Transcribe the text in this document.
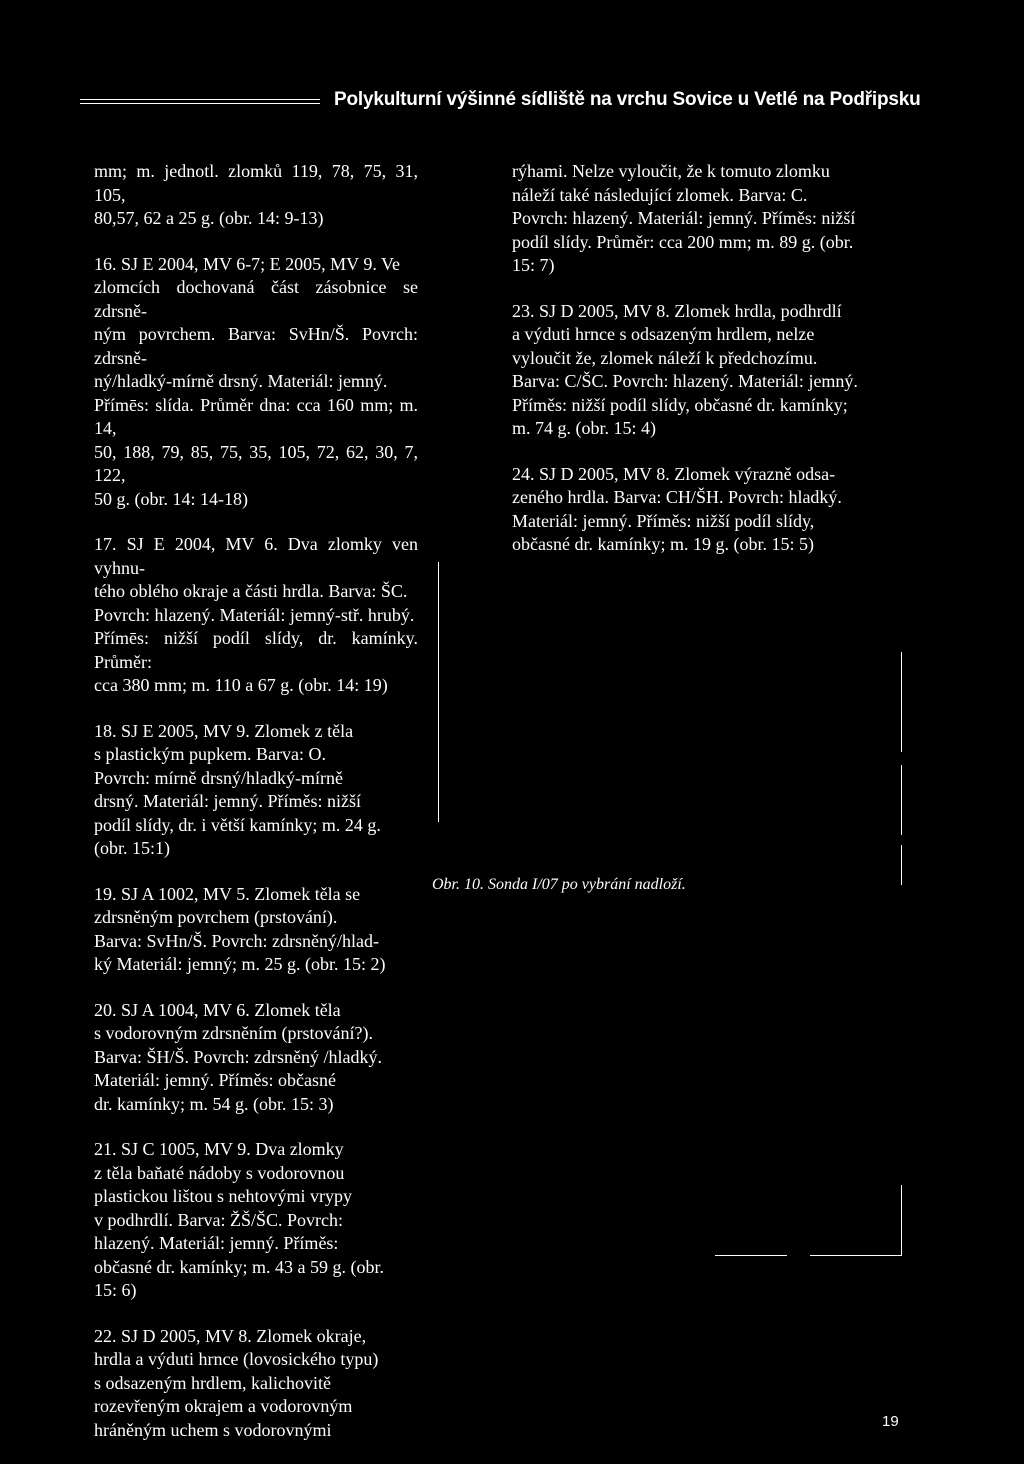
Polykulturní výšinné sídliště na vrchu Sovice u Vetlé na Podřipsku

mm; m. jednotl. zlomků 119, 78, 75, 31, 105,
80,57, 62 a 25 g. (obr. 14: 9-13)

16. SJ E 2004, MV 6-7; E 2005, MV 9. Ve
zlomcích dochovaná část zásobnice se zdrsně-
ným povrchem. Barva: SvHn/Š. Povrch: zdrsně-
ný/hladký-mírně drsný. Materiál: jemný.
Přímēs: slída. Průměr dna: cca 160 mm; m. 14,
50, 188, 79, 85, 75, 35, 105, 72, 62, 30, 7, 122,
50 g. (obr. 14: 14-18)

17. SJ E 2004, MV 6. Dva zlomky ven vyhnu-
tého oblého okraje a části hrdla. Barva: ŠC.
Povrch: hlazený. Materiál: jemný-stř. hrubý.
Přímēs: nižší podíl slídy, dr. kamínky. Průměr:
cca 380 mm; m. 110 a 67 g. (obr. 14: 19)

18. SJ E 2005, MV 9. Zlomek z těla
s plastickým pupkem. Barva: O.
Povrch: mírně drsný/hladký-mírně
drsný. Materiál: jemný. Příměs: nižší
podíl slídy, dr. i větší kamínky; m. 24 g.
(obr. 15:1)

19. SJ A 1002, MV 5. Zlomek těla se
zdrsněným povrchem (prstování).
Barva: SvHn/Š. Povrch: zdrsněný/hlad-
ký Materiál: jemný; m. 25 g. (obr. 15: 2)

20. SJ A 1004, MV 6. Zlomek těla
s vodorovným zdrsněním (prstování?).
Barva: ŠH/Š. Povrch: zdrsněný /hladký.
Materiál: jemný. Příměs: občasné
dr. kamínky; m. 54 g. (obr. 15: 3)

21. SJ C 1005, MV 9. Dva zlomky
z těla baňaté nádoby s vodorovnou
plastickou lištou s nehtovými vrypy
v podhrdlí. Barva: ŽŠ/ŠC. Povrch:
hlazený. Materiál: jemný. Příměs:
občasné dr. kamínky; m. 43 a 59 g. (obr.
15: 6)

22. SJ D 2005, MV 8. Zlomek okraje,
hrdla a výduti hrnce (lovosického typu)
s odsazeným hrdlem, kalichovitě
rozevřeným okrajem a vodorovným
hráněným uchem s vodorovnými

rýhami. Nelze vyloučit, že k tomuto zlomku
náleží také následující zlomek. Barva: C.
Povrch: hlazený. Materiál: jemný. Příměs: nižší
podíl slídy. Průměr: cca 200 mm; m. 89 g. (obr.
15: 7)

23. SJ D 2005, MV 8. Zlomek hrdla, podhrdlí
a výduti hrnce s odsazeným hrdlem, nelze
vyloučit že, zlomek náleží k předchozímu.
Barva: C/ŠC. Povrch: hlazený. Materiál: jemný.
Příměs: nižší podíl slídy, občasné dr. kamínky;
m. 74 g. (obr. 15: 4)

24. SJ D 2005, MV 8. Zlomek výrazně odsa-
zeného hrdla. Barva: CH/ŠH. Povrch: hladký.
Materiál: jemný. Příměs: nižší podíl slídy,
občasné dr. kamínky; m. 19 g. (obr. 15: 5)

Obr. 10. Sonda I/07 po vybrání nadloží.
19
